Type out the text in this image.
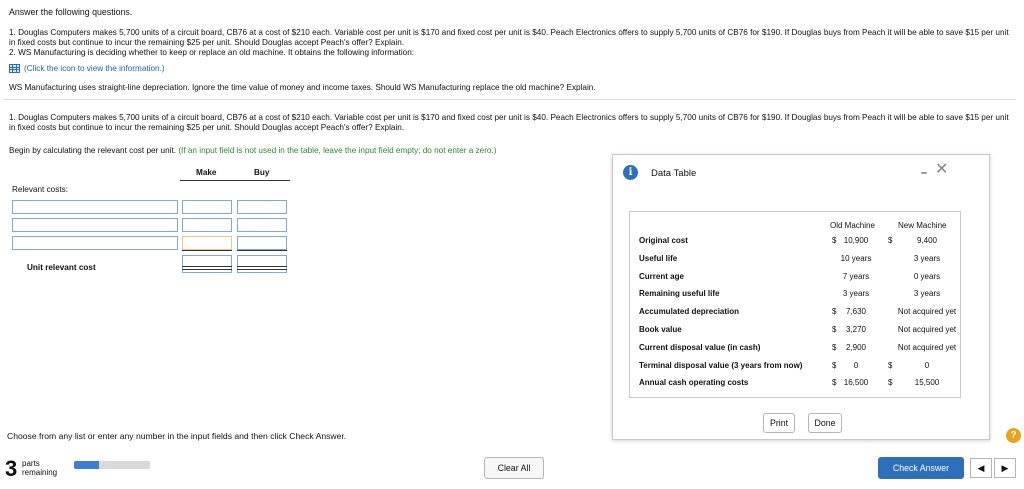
Answer the following questions.
1. Douglas Computers makes 5,700 units of a circuit board, CB76 at a cost of $210 each. Variable cost per unit is $170 and fixed cost per unit is $40. Peach Electronics offers to supply 5,700 units of CB76 for $190. If Douglas buys from Peach it will be able to save $15 per unit in fixed costs but continue to incur the remaining $25 per unit. Should Douglas accept Peach's offer? Explain.
2. WS Manufacturing is deciding whether to keep or replace an old machine. It obtains the following information:
(Click the icon to view the information.)
WS Manufacturing uses straight-line depreciation. Ignore the time value of money and income taxes. Should WS Manufacturing replace the old machine? Explain.
1. Douglas Computers makes 5,700 units of a circuit board, CB76 at a cost of $210 each. Variable cost per unit is $170 and fixed cost per unit is $40. Peach Electronics offers to supply 5,700 units of CB76 for $190. If Douglas buys from Peach it will be able to save $15 per unit in fixed costs but continue to incur the remaining $25 per unit. Should Douglas accept Peach's offer? Explain.
Begin by calculating the relevant cost per unit. (If an input field is not used in the table, leave the input field empty; do not enter a zero.)
Make	Buy
Relevant costs:
Unit relevant cost
i	Data Table	– ✕
Old Machine	New Machine
Original cost	$ 10,900	$	9,400
Useful life	10 years	3 years
Current age	7 years	0 years
Remaining useful life	3 years	3 years
Accumulated depreciation	$	7,630	Not acquired yet
Book value	$	3,270	Not acquired yet
Current disposal value (in cash)	$	2,900	Not acquired yet
Terminal disposal value (3 years from now)	$	0	$	0
Annual cash operating costs	$ 16,500	$	15,500
Print	Done
Choose from any list or enter any number in the input fields and then click Check Answer.	?
3 parts
remaining	Clear All	Check Answer	◀	▶
